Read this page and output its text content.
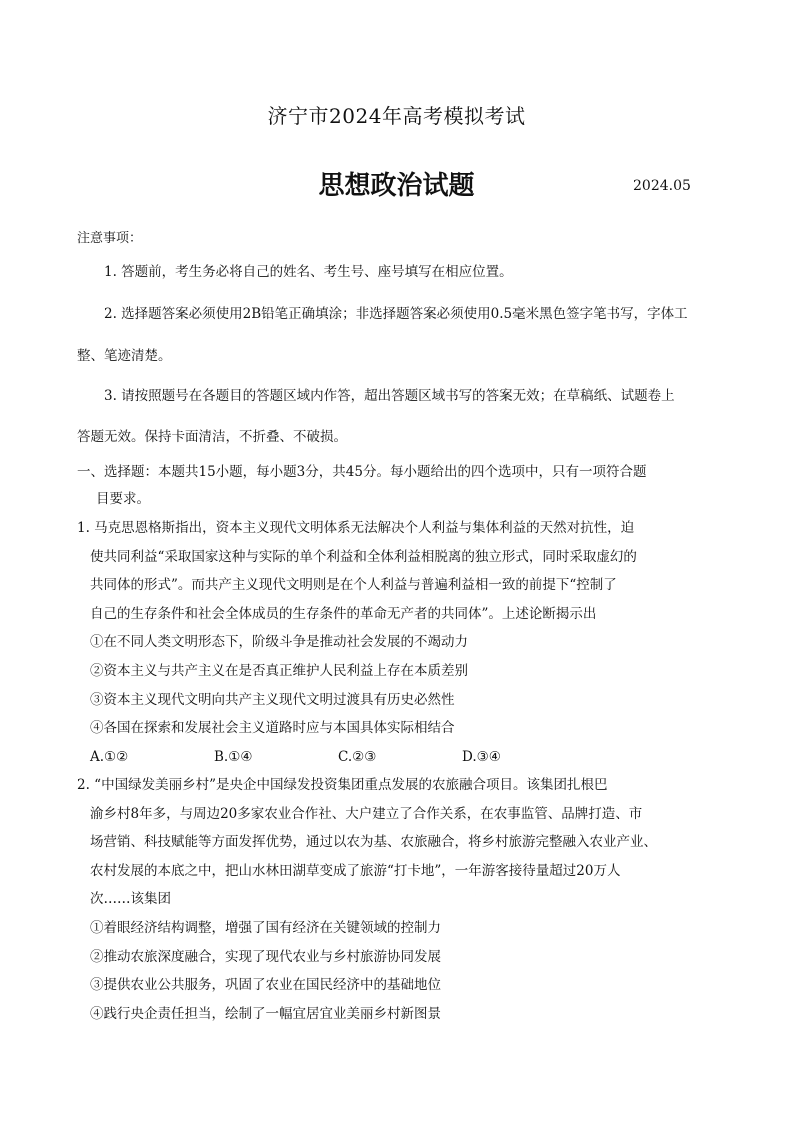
济宁市2024年高考模拟考试
思想政治试题	2024.05
注意事项：
1. 答题前，考生务必将自己的姓名、考生号、座号填写在相应位置。
2. 选择题答案必须使用2B铅笔正确填涂；非选择题答案必须使用0.5毫米黑色签字笔书写，字体工
整、笔迹清楚。
3. 请按照题号在各题目的答题区域内作答，超出答题区域书写的答案无效；在草稿纸、试题卷上
答题无效。保持卡面清洁，不折叠、不破损。
一、选择题：本题共15小题，每小题3分，共45分。每小题给出的四个选项中，只有一项符合题
目要求。
1. 马克思恩格斯指出，资本主义现代文明体系无法解决个人利益与集体利益的天然对抗性，迫
使共同利益“采取国家这种与实际的单个利益和全体利益相脱离的独立形式，同时采取虚幻的
共同体的形式”。而共产主义现代文明则是在个人利益与普遍利益相一致的前提下“控制了
自己的生存条件和社会全体成员的生存条件的革命无产者的共同体”。上述论断揭示出
①在不同人类文明形态下，阶级斗争是推动社会发展的不竭动力
②资本主义与共产主义在是否真正维护人民利益上存在本质差别
③资本主义现代文明向共产主义现代文明过渡具有历史必然性
④各国在探索和发展社会主义道路时应与本国具体实际相结合
A.①②	B.①④	C.②③	D.③④
2. “中国绿发美丽乡村”是央企中国绿发投资集团重点发展的农旅融合项目。该集团扎根巴
渝乡村8年多，与周边20多家农业合作社、大户建立了合作关系，在农事监管、品牌打造、市
场营销、科技赋能等方面发挥优势，通过以农为基、农旅融合，将乡村旅游完整融入农业产业、
农村发展的本底之中，把山水林田湖草变成了旅游“打卡地”，一年游客接待量超过20万人
次……该集团
①着眼经济结构调整，增强了国有经济在关键领域的控制力
②推动农旅深度融合，实现了现代农业与乡村旅游协同发展
③提供农业公共服务，巩固了农业在国民经济中的基础地位
④践行央企责任担当，绘制了一幅宜居宜业美丽乡村新图景
